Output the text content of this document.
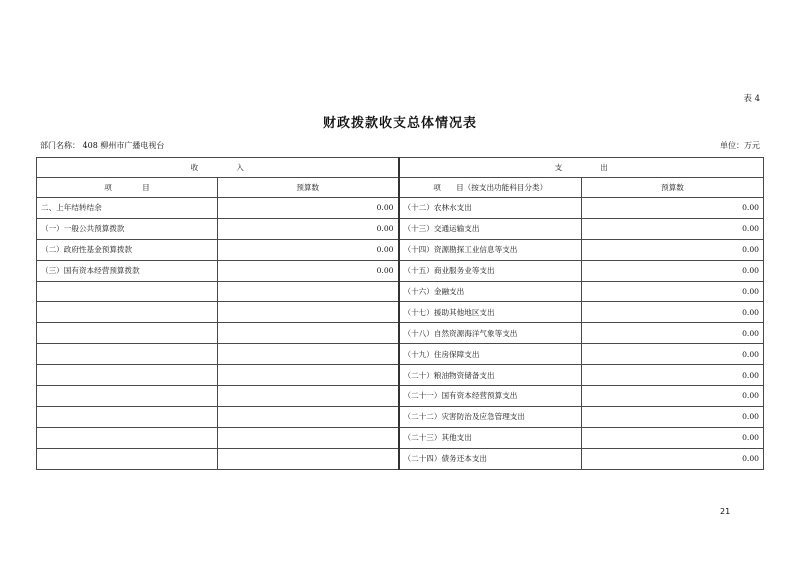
表 4
财政拨款收支总体情况表
部门名称： 408 柳州市广播电视台	单位：万元
收　　　　　入		支　　　　　出	
项　　　　目	预算数	项　　目（按支出功能科目分类）	预算数
二、上年结转结余	0.00	（十二）农林水支出	0.00
（一）一般公共预算拨款	0.00	（十三）交通运输支出	0.00
（二）政府性基金预算拨款	0.00	（十四）资源勘探工业信息等支出	0.00
（三）国有资本经营预算拨款	0.00	（十五）商业服务业等支出	0.00
		（十六）金融支出	0.00
		（十七）援助其他地区支出	0.00
		（十八）自然资源海洋气象等支出	0.00
		（十九）住房保障支出	0.00
		（二十）粮油物资储备支出	0.00
		（二十一）国有资本经营预算支出	0.00
		（二十二）灾害防治及应急管理支出	0.00
		（二十三）其他支出	0.00
		（二十四）债务还本支出	0.00
21
